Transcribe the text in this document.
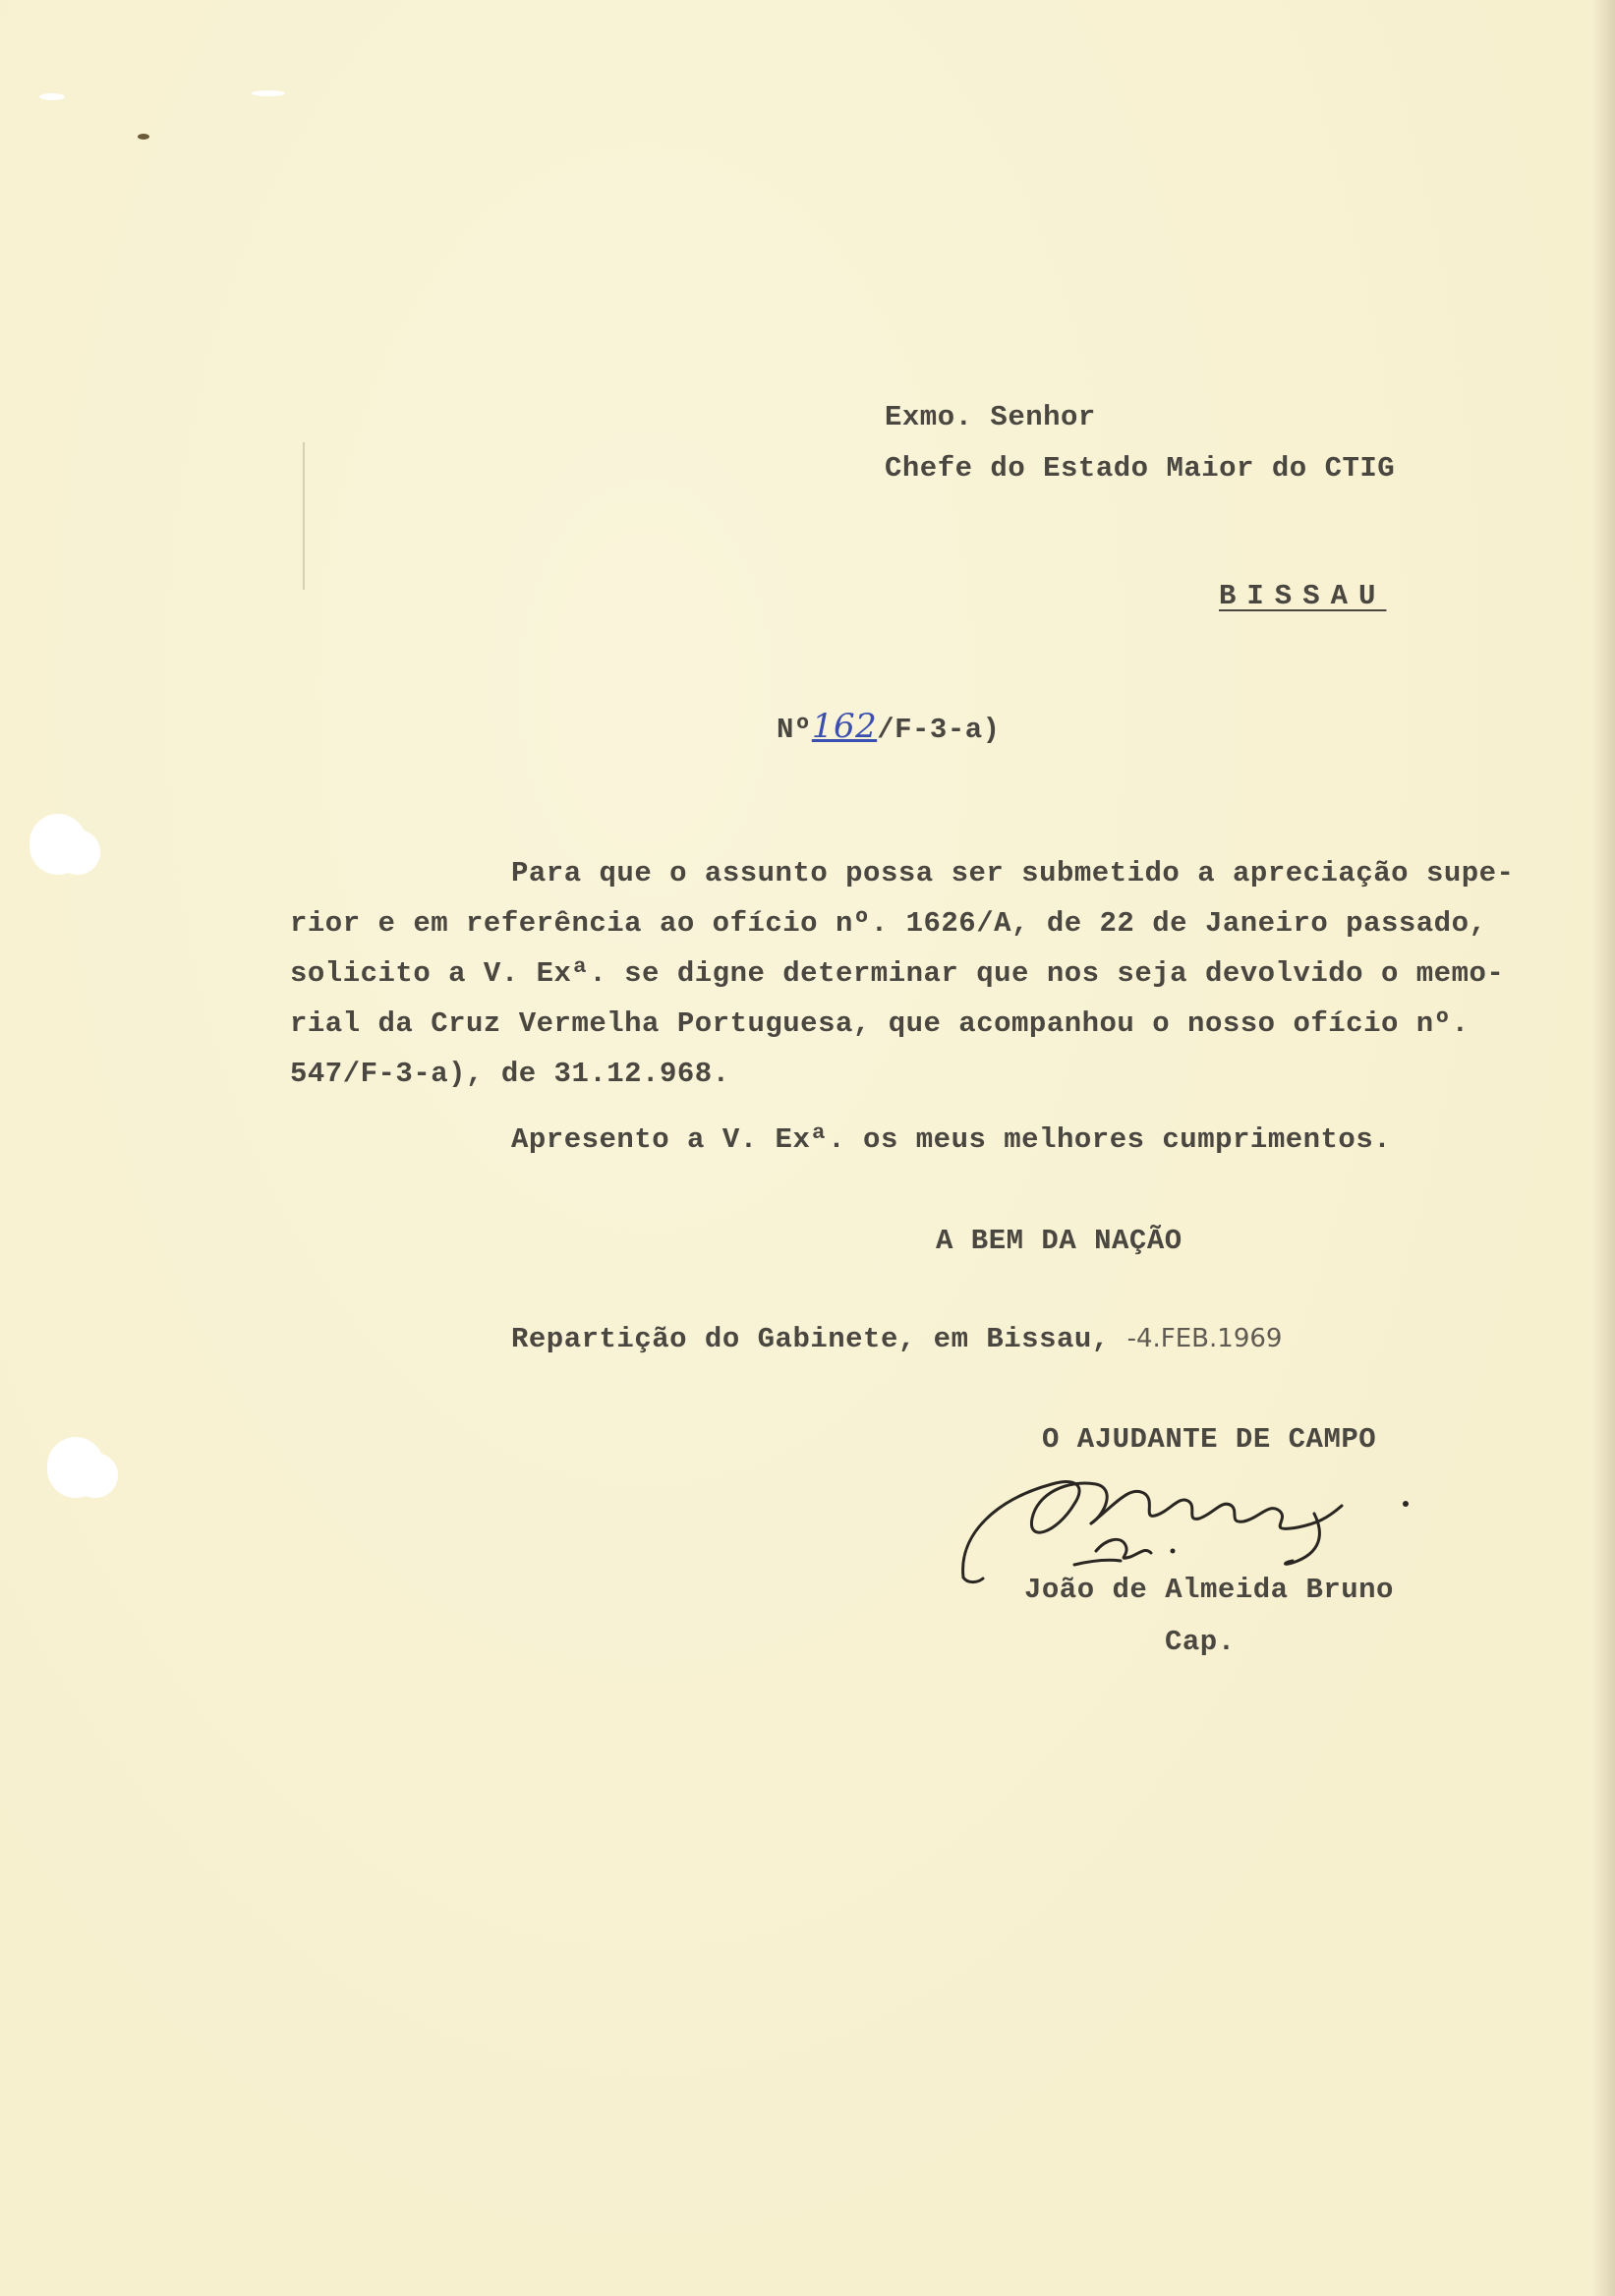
Exmo. Senhor
Chefe do Estado Maior do CTIG
BISSAU
Nº162/F-3-a)
Para que o assunto possa ser submetido a apreciação supe-
rior e em referência ao ofício nº. 1626/A, de 22 de Janeiro passado,
solicito a V. Exª. se digne determinar que nos seja devolvido o memo-
rial da Cruz Vermelha Portuguesa, que acompanhou o nosso ofício nº.
547/F-3-a), de 31.12.968.
Apresento a V. Exª. os meus melhores cumprimentos.
A BEM DA NAÇÃO
Repartição do Gabinete, em Bissau, -4.FEB.1969
O AJUDANTE DE CAMPO
João de Almeida Bruno
Cap.
